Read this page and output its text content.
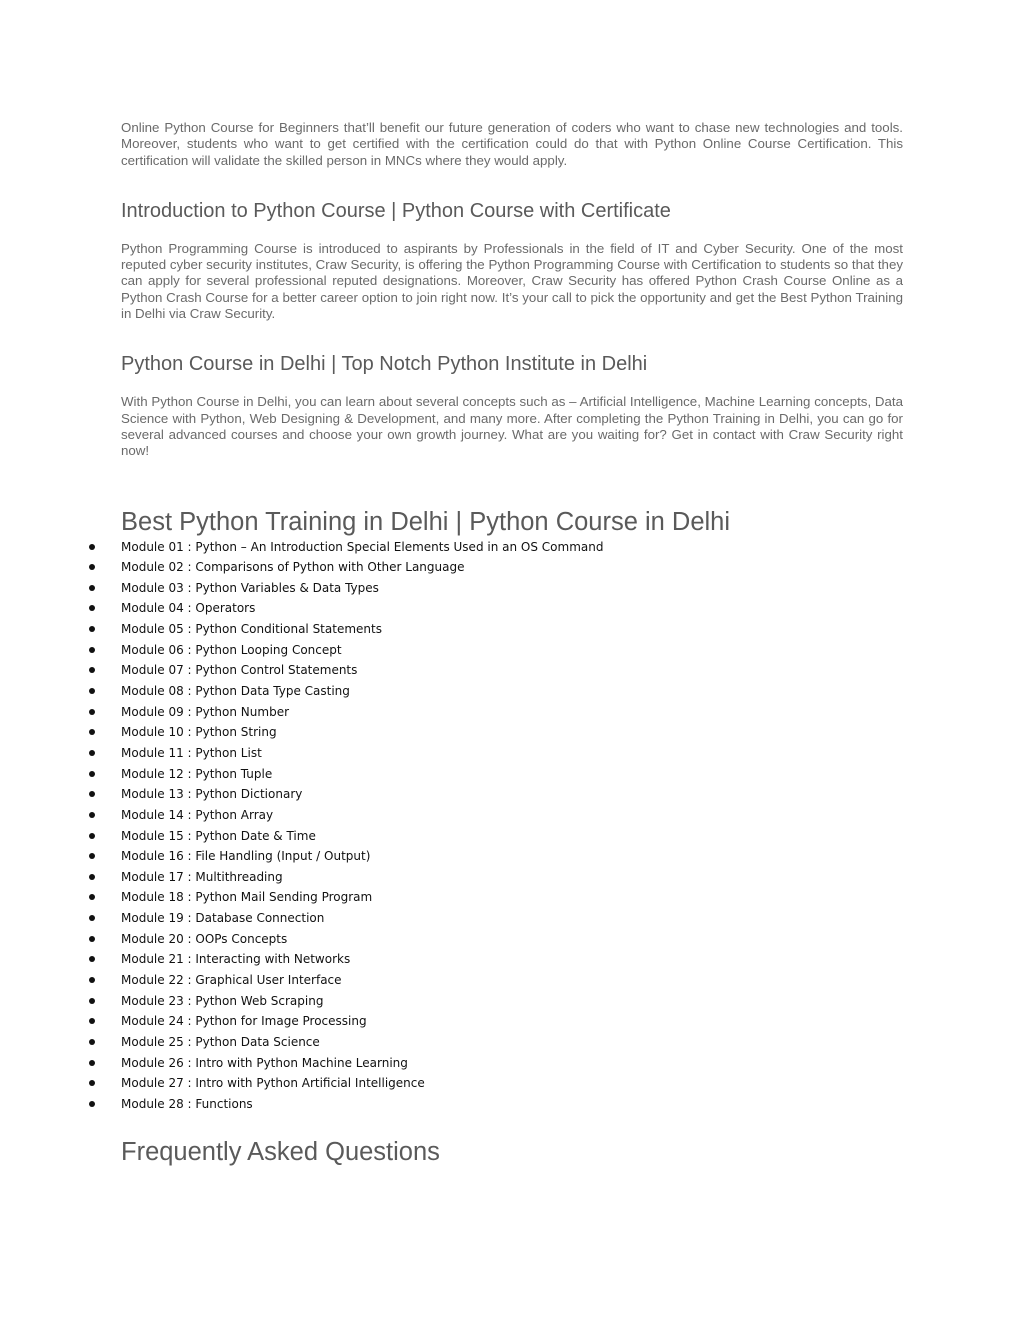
Online Python Course for Beginners that’ll benefit our future generation of coders who want to chase new technologies and tools. Moreover, students who want to get certified with the certification could do that with Python Online Course Certification. This certification will validate the skilled person in MNCs where they would apply.

Introduction to Python Course | Python Course with Certificate

Python Programming Course is introduced to aspirants by Professionals in the field of IT and Cyber Security. One of the most reputed cyber security institutes, Craw Security, is offering the Python Programming Course with Certification to students so that they can apply for several professional reputed designations. Moreover, Craw Security has offered Python Crash Course Online as a Python Crash Course for a better career option to join right now. It’s your call to pick the opportunity and get the Best Python Training in Delhi via Craw Security.

Python Course in Delhi | Top Notch Python Institute in Delhi

With Python Course in Delhi, you can learn about several concepts such as – Artificial Intelligence, Machine Learning concepts, Data Science with Python, Web Designing & Development, and many more. After completing the Python Training in Delhi, you can go for several advanced courses and choose your own growth journey. What are you waiting for? Get in contact with Craw Security right now!

Best Python Training in Delhi | Python Course in Delhi
Module 01 : Python – An Introduction Special Elements Used in an OS Command
Module 02 : Comparisons of Python with Other Language
Module 03 : Python Variables & Data Types
Module 04 : Operators
Module 05 : Python Conditional Statements
Module 06 : Python Looping Concept
Module 07 : Python Control Statements
Module 08 : Python Data Type Casting
Module 09 : Python Number
Module 10 : Python String
Module 11 : Python List
Module 12 : Python Tuple
Module 13 : Python Dictionary
Module 14 : Python Array
Module 15 : Python Date & Time
Module 16 : File Handling (Input / Output)
Module 17 : Multithreading
Module 18 : Python Mail Sending Program
Module 19 : Database Connection
Module 20 : OOPs Concepts
Module 21 : Interacting with Networks
Module 22 : Graphical User Interface
Module 23 : Python Web Scraping
Module 24 : Python for Image Processing
Module 25 : Python Data Science
Module 26 : Intro with Python Machine Learning
Module 27 : Intro with Python Artificial Intelligence
Module 28 : Functions
Frequently Asked Questions
